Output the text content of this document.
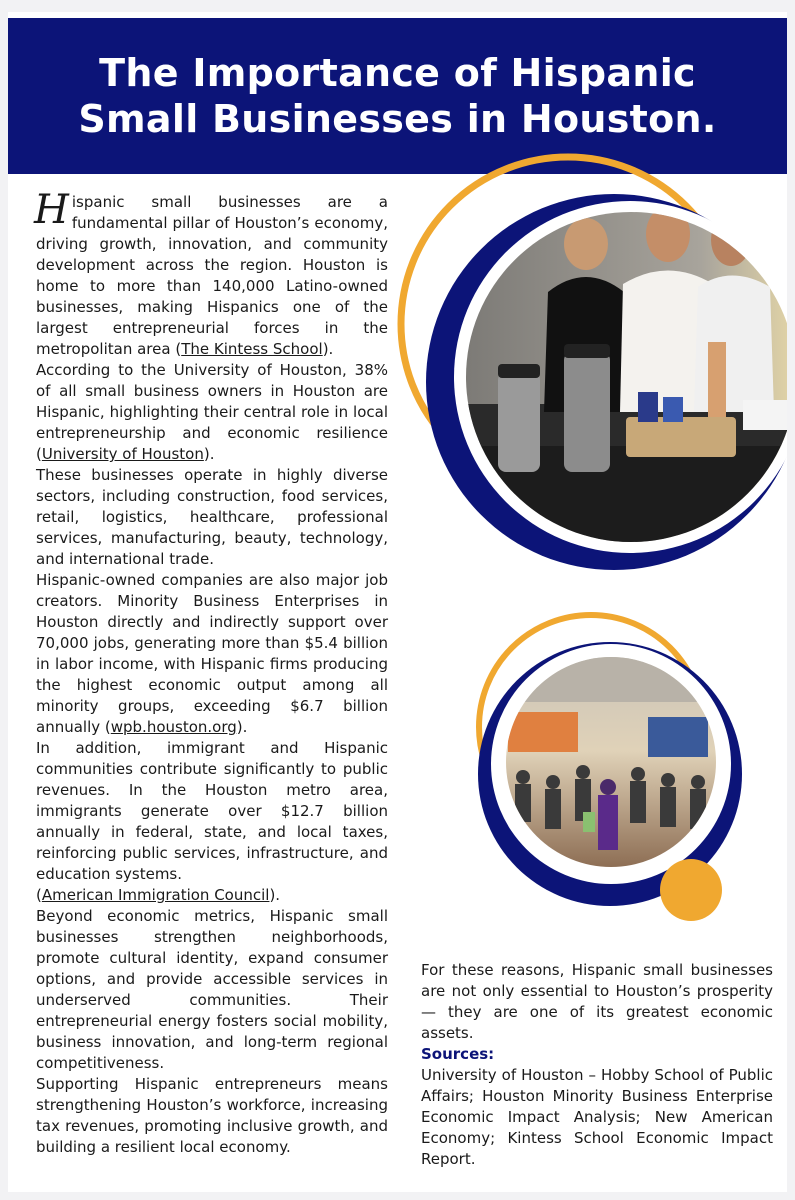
The Importance of Hispanic Small Businesses in Houston.

Hispanic small businesses are a fundamental pillar of Houston’s economy, driving growth, innovation, and community development across the region. Houston is home to more than 140,000 Latino-owned businesses, making Hispanics one of the largest entrepreneurial forces in the metropolitan area (The Kintess School).

According to the University of Houston, 38% of all small business owners in Houston are Hispanic, highlighting their central role in local entrepreneurship and economic resilience (University of Houston).

These businesses operate in highly diverse sectors, including construction, food services, retail, logistics, healthcare, professional services, manufacturing, beauty, technology, and international trade.

Hispanic-owned companies are also major job creators. Minority Business Enterprises in Houston directly and indirectly support over 70,000 jobs, generating more than $5.4 billion in labor income, with Hispanic firms producing the highest economic output among all minority groups, exceeding $6.7 billion annually (wpb.houston.org).

In addition, immigrant and Hispanic communities contribute significantly to public revenues. In the Houston metro area, immigrants generate over $12.7 billion annually in federal, state, and local taxes, reinforcing public services, infrastructure, and education systems.

(American Immigration Council).

Beyond economic metrics, Hispanic small businesses strengthen neighborhoods, promote cultural identity, expand consumer options, and provide accessible services in underserved communities. Their entrepreneurial energy fosters social mobility, business innovation, and long-term regional competitiveness.

Supporting Hispanic entrepreneurs means strengthening Houston’s workforce, increasing tax revenues, promoting inclusive growth, and building a resilient local economy.

For these reasons, Hispanic small businesses are not only essential to Houston’s prosperity — they are one of its greatest economic assets.

Sources:

University of Houston – Hobby School of Public Affairs; Houston Minority Business Enterprise Economic Impact Analysis; New American Economy; Kintess School Economic Impact Report.
